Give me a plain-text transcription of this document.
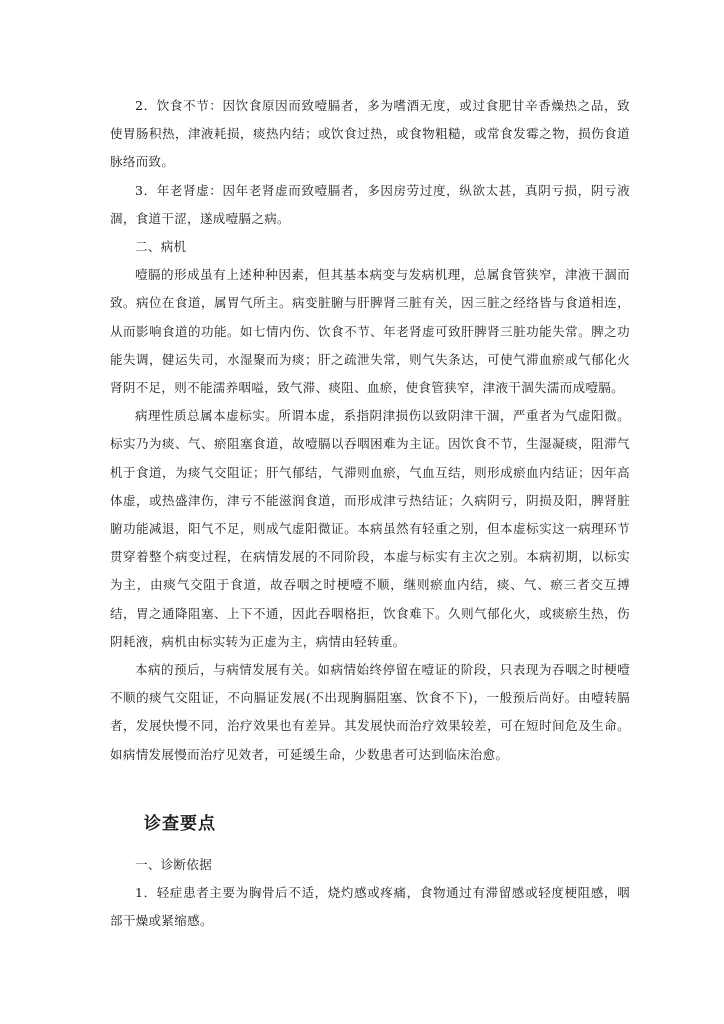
2．饮食不节：因饮食原因而致噎膈者，多为嗜酒无度，或过食肥甘辛香燥热之品，致使胃肠积热，津液耗损，痰热内结；或饮食过热，或食物粗糙，或常食发霉之物，损伤食道脉络而致。

3．年老肾虚：因年老肾虚而致噎膈者，多因房劳过度，纵欲太甚，真阴亏损，阴亏液涸，食道干涩，遂成噎膈之病。

二、病机

噎膈的形成虽有上述种种因素，但其基本病变与发病机理，总属食管狭窄，津液干涸而致。病位在食道，属胃气所主。病变脏腑与肝脾肾三脏有关，因三脏之经络皆与食道相连，从而影响食道的功能。如七情内伤、饮食不节、年老肾虚可致肝脾肾三脏功能失常。脾之功能失调，健运失司，水湿聚而为痰；肝之疏泄失常，则气失条达，可使气滞血瘀或气郁化火肾阴不足，则不能濡养咽嗌，致气滞、痰阻、血瘀，使食管狭窄，津液干涸失濡而成噎膈。

病理性质总属本虚标实。所谓本虚，系指阴津损伤以致阴津干涸，严重者为气虚阳微。标实乃为痰、气、瘀阻塞食道，故噎膈以吞咽困难为主证。因饮食不节，生湿凝痰，阻滞气机于食道，为痰气交阻证；肝气郁结，气滞则血瘀，气血互结，则形成瘀血内结证；因年高体虚，或热盛津伤，津亏不能滋润食道，而形成津亏热结证；久病阴亏，阴损及阳，脾肾脏腑功能减退，阳气不足，则成气虚阳微证。本病虽然有轻重之别，但本虚标实这一病理环节贯穿着整个病变过程，在病情发展的不同阶段，本虚与标实有主次之别。本病初期，以标实为主，由痰气交阻于食道，故吞咽之时梗噎不顺，继则瘀血内结，痰、气、瘀三者交互搏结，胃之通降阻塞、上下不通，因此吞咽格拒，饮食难下。久则气郁化火，或痰瘀生热，伤阴耗液，病机由标实转为正虚为主，病情由轻转重。

本病的预后，与病情发展有关。如病情始终停留在噎证的阶段，只表现为吞咽之时梗噎不顺的痰气交阻证，不向膈证发展(不出现胸膈阻塞、饮食不下)，一般预后尚好。由噎转膈者，发展快慢不同，治疗效果也有差异。其发展快而治疗效果较差，可在短时间危及生命。如病情发展慢而治疗见效者，可延缓生命，少数患者可达到临床治愈。

诊查要点

一、诊断依据

1．轻症患者主要为胸骨后不适，烧灼感或疼痛，食物通过有滞留感或轻度梗阻感，咽部干燥或紧缩感。
